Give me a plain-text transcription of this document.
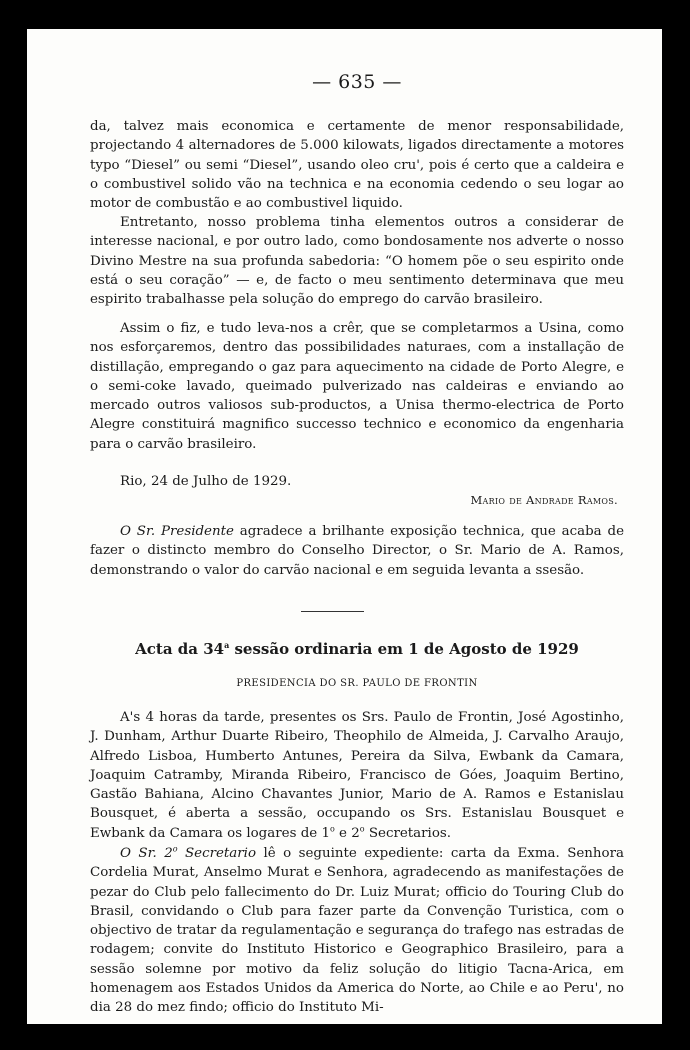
— 635 —

da, talvez mais economica e certamente de menor responsabilidade, projectando 4 alternadores de 5.000 kilowats, ligados directamente a motores typo “Diesel” ou semi “Diesel”, usando oleo cru', pois é certo que a caldeira e o combustivel solido vão na technica e na economia cedendo o seu logar ao motor de combustão e ao combustivel liquido.

Entretanto, nosso problema tinha elementos outros a considerar de interesse nacional, e por outro lado, como bondosamente nos adverte o nosso Divino Mestre na sua profunda sabedoria: “O homem põe o seu espirito onde está o seu coração” — e, de facto o meu sentimento determinava que meu espirito trabalhasse pela solução do emprego do carvão brasileiro.

Assim o fiz, e tudo leva-nos a crêr, que se completarmos a Usina, como nos esforçaremos, dentro das possibilidades naturaes, com a installação de distillação, empregando o gaz para aquecimento na cidade de Porto Alegre, e o semi-coke lavado, queimado pulverizado nas caldeiras e enviando ao mercado outros valiosos sub-productos, a Unisa thermo-electrica de Porto Alegre constituirá magnifico successo technico e economico da engenharia para o carvão brasileiro.

Rio, 24 de Julho de 1929.
Mario de Andrade Ramos.

O Sr. Presidente agradece a brilhante exposição technica, que acaba de fazer o distincto membro do Conselho Director, o Sr. Mario de A. Ramos, demonstrando o valor do carvão nacional e em seguida levanta a ssesão.

Acta da 34$^a$ sessão ordinaria em 1 de Agosto de 1929
PRESIDENCIA DO SR. PAULO DE FRONTIN

A's 4 horas da tarde, presentes os Srs. Paulo de Frontin, José Agostinho, J. Dunham, Arthur Duarte Ribeiro, Theophilo de Almeida, J. Carvalho Araujo, Alfredo Lisboa, Humberto Antunes, Pereira da Silva, Ewbank da Camara, Joaquim Catramby, Miranda Ribeiro, Francisco de Góes, Joaquim Bertino, Gastão Bahiana, Alcino Chavantes Junior, Mario de A. Ramos e Estanislau Bousquet, é aberta a sessão, occupando os Srs. Estanislau Bousquet e Ewbank da Camara os logares de 1$^o$ e 2$^o$ Secretarios.

O Sr. 2$^o$ Secretario lê o seguinte expediente: carta da Exma. Senhora Cordelia Murat, Anselmo Murat e Senhora, agradecendo as manifestações de pezar do Club pelo fallecimento do Dr. Luiz Murat; officio do Touring Club do Brasil, convidando o Club para fazer parte da Convenção Turistica, com o objectivo de tratar da regulamentação e segurança do trafego nas estradas de rodagem; convite do Instituto Historico e Geographico Brasileiro, para a sessão solemne por motivo da feliz solução do litigio Tacna-Arica, em homenagem aos Estados Unidos da America do Norte, ao Chile e ao Peru', no dia 28 do mez findo; officio do Instituto Mi-
